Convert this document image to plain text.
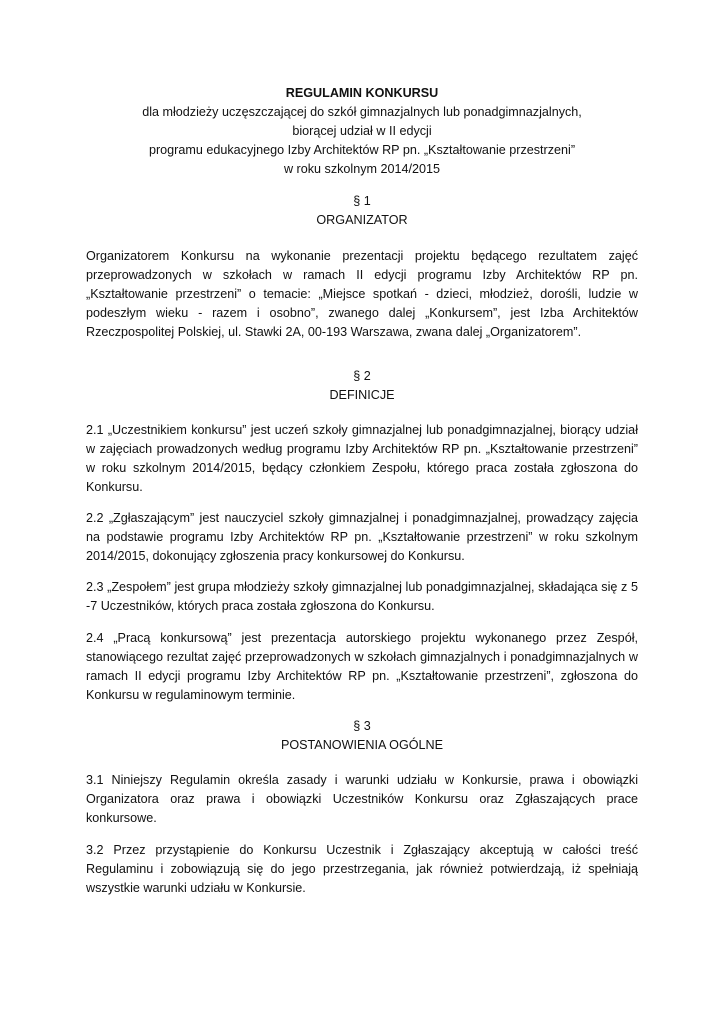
REGULAMIN KONKURSU

dla młodzieży uczęszczającej do szkół gimnazjalnych lub ponadgimnazjalnych,

biorącej udział w II edycji

programu edukacyjnego Izby Architektów RP pn. „Kształtowanie przestrzeni”

w roku szkolnym 2014/2015

§ 1

ORGANIZATOR

Organizatorem Konkursu na wykonanie prezentacji projektu będącego rezultatem zajęć przeprowadzonych w szkołach w ramach II edycji programu Izby Architektów RP pn. „Kształtowanie przestrzeni” o temacie: „Miejsce spotkań - dzieci, młodzież, dorośli, ludzie w podeszłym wieku - razem i osobno”, zwanego dalej „Konkursem”, jest Izba Architektów Rzeczpospolitej Polskiej, ul. Stawki 2A, 00-193 Warszawa, zwana dalej „Organizatorem”.

§ 2

DEFINICJE

2.1 „Uczestnikiem konkursu” jest uczeń szkoły gimnazjalnej lub ponadgimnazjalnej, biorący udział w zajęciach prowadzonych według programu Izby Architektów RP pn. „Kształtowanie przestrzeni” w roku szkolnym 2014/2015, będący członkiem Zespołu, którego praca została zgłoszona do Konkursu.

2.2 „Zgłaszającym” jest nauczyciel szkoły gimnazjalnej i ponadgimnazjalnej, prowadzący zajęcia na podstawie programu Izby Architektów RP pn. „Kształtowanie przestrzeni” w roku szkolnym 2014/2015, dokonujący zgłoszenia pracy konkursowej do Konkursu.

2.3 „Zespołem” jest grupa młodzieży szkoły gimnazjalnej lub ponadgimnazjalnej, składająca się z 5 -7 Uczestników, których praca została zgłoszona do Konkursu.

2.4 „Pracą konkursową” jest prezentacja autorskiego projektu wykonanego przez Zespół, stanowiącego rezultat zajęć przeprowadzonych w szkołach gimnazjalnych i ponadgimnazjalnych w ramach II edycji programu Izby Architektów RP pn. „Kształtowanie przestrzeni”, zgłoszona do Konkursu w regulaminowym terminie.

§ 3

POSTANOWIENIA OGÓLNE

3.1 Niniejszy Regulamin określa zasady i warunki udziału w Konkursie, prawa i obowiązki Organizatora oraz prawa i obowiązki Uczestników Konkursu oraz Zgłaszających prace konkursowe.

3.2 Przez przystąpienie do Konkursu Uczestnik i Zgłaszający akceptują w całości treść Regulaminu i zobowiązują się do jego przestrzegania, jak również potwierdzają, iż spełniają wszystkie warunki udziału w Konkursie.
